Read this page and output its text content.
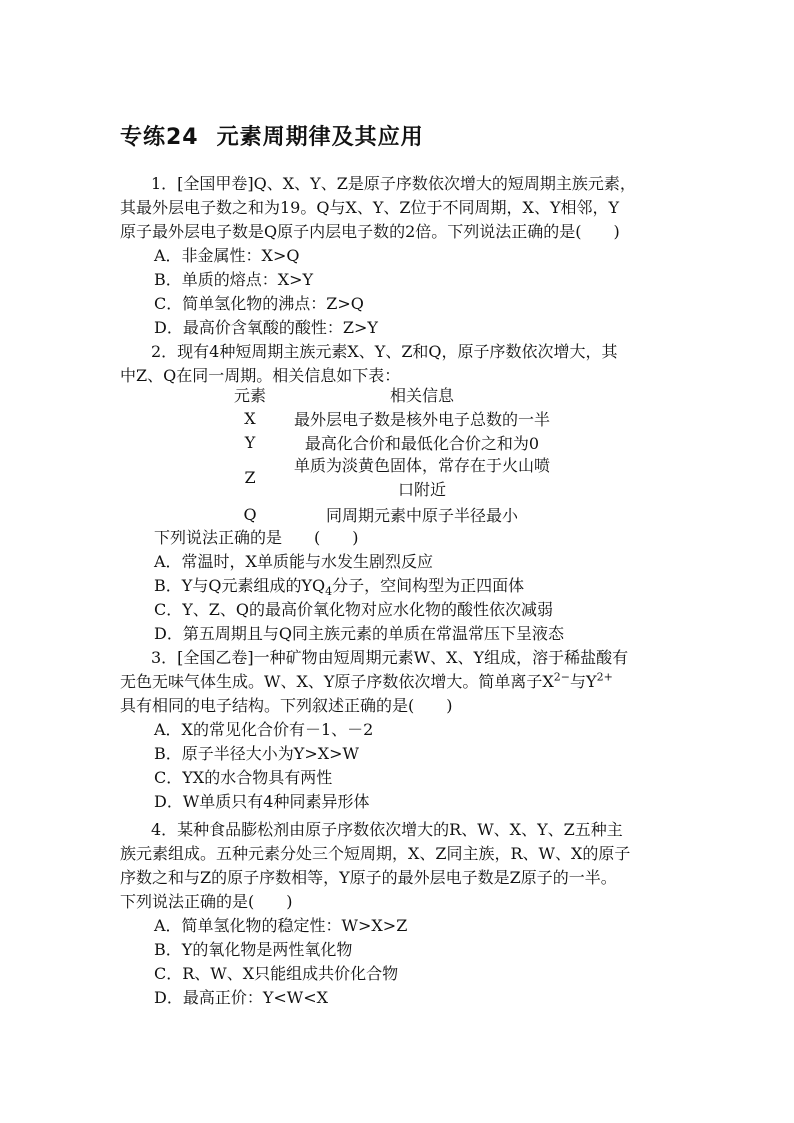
专练24 元素周期律及其应用
1．[全国甲卷]Q、X、Y、Z是原子序数依次增大的短周期主族元素，
其最外层电子数之和为19。Q与X、Y、Z位于不同周期，X、Y相邻，Y
原子最外层电子数是Q原子内层电子数的2倍。下列说法正确的是(　　)
A．非金属性：X>Q
B．单质的熔点：X>Y
C．简单氢化物的沸点：Z>Q
D．最高价含氧酸的酸性：Z>Y
2．现有4种短周期主族元素X、Y、Z和Q，原子序数依次增大，其
中Z、Q在同一周期。相关信息如下表：
元素	相关信息
X	最外层电子数是核外电子总数的一半
Y	最高化合价和最低化合价之和为0
Z	单质为淡黄色固体，常存在于火山喷
口附近

Q	同周期元素中原子半径最小
下列说法正确的是　　(　　)
A．常温时，X单质能与水发生剧烈反应
B．Y与Q元素组成的$YQ_4$分子，空间构型为正四面体
C．Y、Z、Q的最高价氧化物对应水化物的酸性依次减弱
D．第五周期且与Q同主族元素的单质在常温常压下呈液态
3．[全国乙卷]一种矿物由短周期元素W、X、Y组成，溶于稀盐酸有
无色无味气体生成。W、X、Y原子序数依次增大。简单离子$X^{2-}$与$Y^{2+}$
具有相同的电子结构。下列叙述正确的是(　　)
A．X的常见化合价有－1、－2
B．原子半径大小为Y>X>W
C．YX的水合物具有两性
D．W单质只有4种同素异形体
4．某种食品膨松剂由原子序数依次增大的R、W、X、Y、Z五种主
族元素组成。五种元素分处三个短周期，X、Z同主族，R、W、X的原子
序数之和与Z的原子序数相等，Y原子的最外层电子数是Z原子的一半。
下列说法正确的是(　　)
A．简单氢化物的稳定性：W>X>Z
B．Y的氧化物是两性氧化物
C．R、W、X只能组成共价化合物
D．最高正价：Y<W<X
